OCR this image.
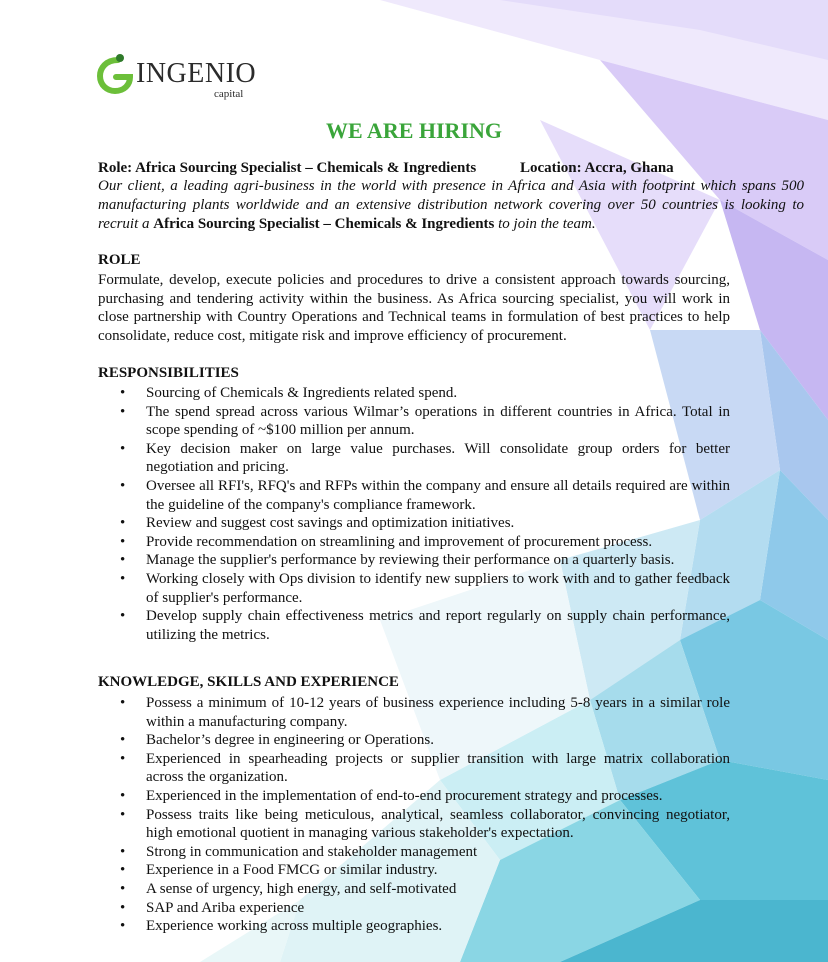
INGENIO
capital
WE ARE HIRING
Role: Africa Sourcing Specialist – Chemicals & Ingredients	Location: Accra, Ghana
Our client, a leading agri-business in the world with presence in Africa and Asia with footprint which spans 500 manufacturing plants worldwide and an extensive distribution network covering over 50 countries is looking to recruit a Africa Sourcing Specialist – Chemicals & Ingredients to join the team.
ROLE
Formulate, develop, execute policies and procedures to drive a consistent approach towards sourcing, purchasing and tendering activity within the business. As Africa sourcing specialist, you will work in close partnership with Country Operations and Technical teams in formulation of best practices to help consolidate, reduce cost, mitigate risk and improve efficiency of procurement.
RESPONSIBILITIES
• Sourcing of Chemicals & Ingredients related spend.
• The spend spread across various Wilmar’s operations in different countries in Africa. Total in scope spending of ~$100 million per annum.
• Key decision maker on large value purchases. Will consolidate group orders for better negotiation and pricing.
• Oversee all RFI's, RFQ's and RFPs within the company and ensure all details required are within the guideline of the company's compliance framework.
• Review and suggest cost savings and optimization initiatives.
• Provide recommendation on streamlining and improvement of procurement process.
• Manage the supplier's performance by reviewing their performance on a quarterly basis.
• Working closely with Ops division to identify new suppliers to work with and to gather feedback of supplier's performance.
• Develop supply chain effectiveness metrics and report regularly on supply chain performance, utilizing the metrics.
KNOWLEDGE, SKILLS AND EXPERIENCE
• Possess a minimum of 10-12 years of business experience including 5-8 years in a similar role within a manufacturing company.
• Bachelor’s degree in engineering or Operations.
• Experienced in spearheading projects or supplier transition with large matrix collaboration across the organization.
• Experienced in the implementation of end-to-end procurement strategy and processes.
• Possess traits like being meticulous, analytical, seamless collaborator, convincing negotiator, high emotional quotient in managing various stakeholder's expectation.
• Strong in communication and stakeholder management
• Experience in a Food FMCG or similar industry.
• A sense of urgency, high energy, and self-motivated
• SAP and Ariba experience
• Experience working across multiple geographies.
